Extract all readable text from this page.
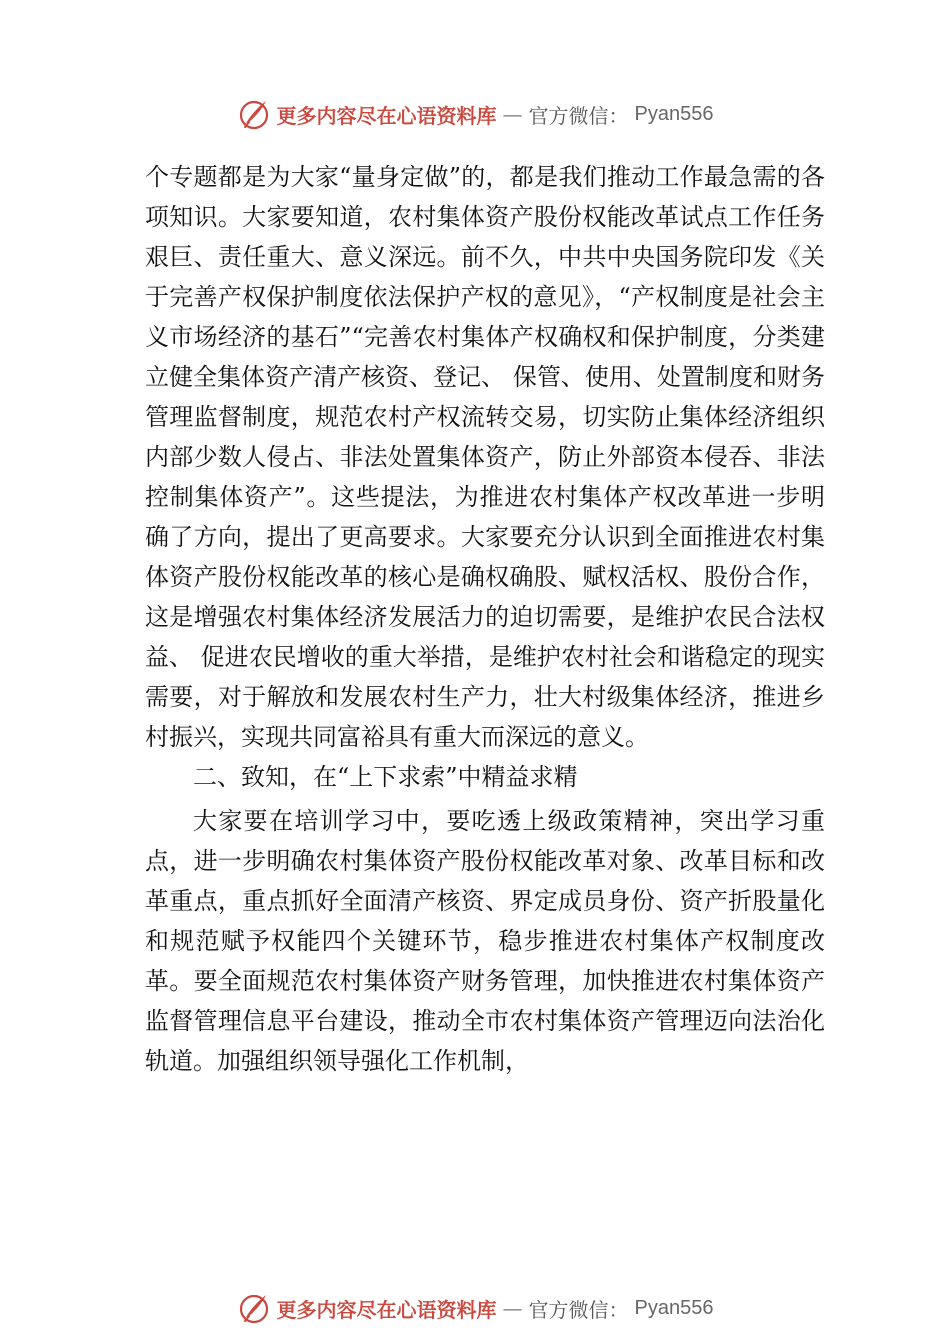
更多内容尽在心语资料库 — 官方微信： Pyan556

个专题都是为大家“量身定做”的，都是我们推动工作最急需的各项知识。大家要知道，农村集体资产股份权能改革试点工作任务艰巨、责任重大、意义深远。前不久，中共中央国务院印发《关于完善产权保护制度依法保护产权的意见》，“产权制度是社会主义市场经济的基石”“完善农村集体产权确权和保护制度，分类建立健全集体资产清产核资、登记、 保管、使用、处置制度和财务管理监督制度，规范农村产权流转交易，切实防止集体经济组织内部少数人侵占、非法处置集体资产，防止外部资本侵吞、非法控制集体资产”。这些提法，为推进农村集体产权改革进一步明确了方向，提出了更高要求。大家要充分认识到全面推进农村集体资产股份权能改革的核心是确权确股、赋权活权、股份合作，这是增强农村集体经济发展活力的迫切需要，是维护农民合法权益、 促进农民增收的重大举措，是维护农村社会和谐稳定的现实需要，对于解放和发展农村生产力，壮大村级集体经济，推进乡村振兴，实现共同富裕具有重大而深远的意义。

二、致知，在“上下求索”中精益求精

大家要在培训学习中，要吃透上级政策精神，突出学习重点，进一步明确农村集体资产股份权能改革对象、改革目标和改革重点，重点抓好全面清产核资、界定成员身份、资产折股量化和规范赋予权能四个关键环节，稳步推进农村集体产权制度改革。要全面规范农村集体资产财务管理，加快推进农村集体资产监督管理信息平台建设，推动全市农村集体资产管理迈向法治化轨道。加强组织领导强化工作机制，

更多内容尽在心语资料库 — 官方微信： Pyan556
